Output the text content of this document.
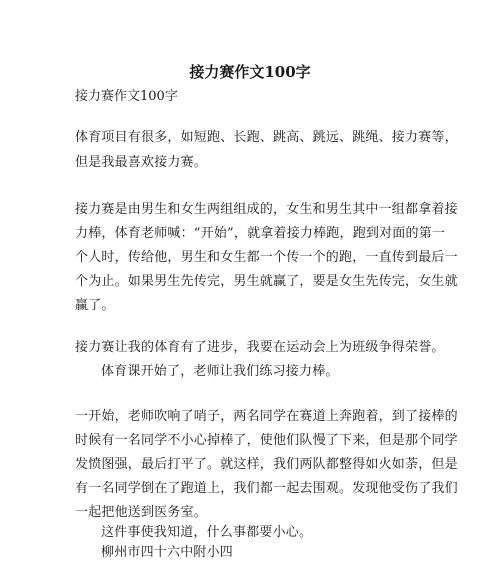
接力赛作文100字
接力赛作文100字
体育项目有很多，如短跑、长跑、跳高、跳远、跳绳、接力赛等，
但是我最喜欢接力赛。
接力赛是由男生和女生两组组成的，女生和男生其中一组都拿着接
力棒，体育老师喊：“开始”，就拿着接力棒跑，跑到对面的第一
个人时，传给他，男生和女生都一个传一个的跑，一直传到最后一
个为止。如果男生先传完，男生就赢了，要是女生先传完，女生就
赢了。
接力赛让我的体育有了进步，我要在运动会上为班级争得荣誉。
体育课开始了，老师让我们练习接力棒。
一开始，老师吹响了哨子，两名同学在赛道上奔跑着，到了接棒的
时候有一名同学不小心掉棒了，使他们队慢了下来，但是那个同学
发愤图强，最后打平了。就这样，我们两队都整得如火如荼，但是
有一名同学倒在了跑道上，我们都一起去围观。发现他受伤了我们
一起把他送到医务室。
这件事使我知道，什么事都要小心。
柳州市四十六中附小四
